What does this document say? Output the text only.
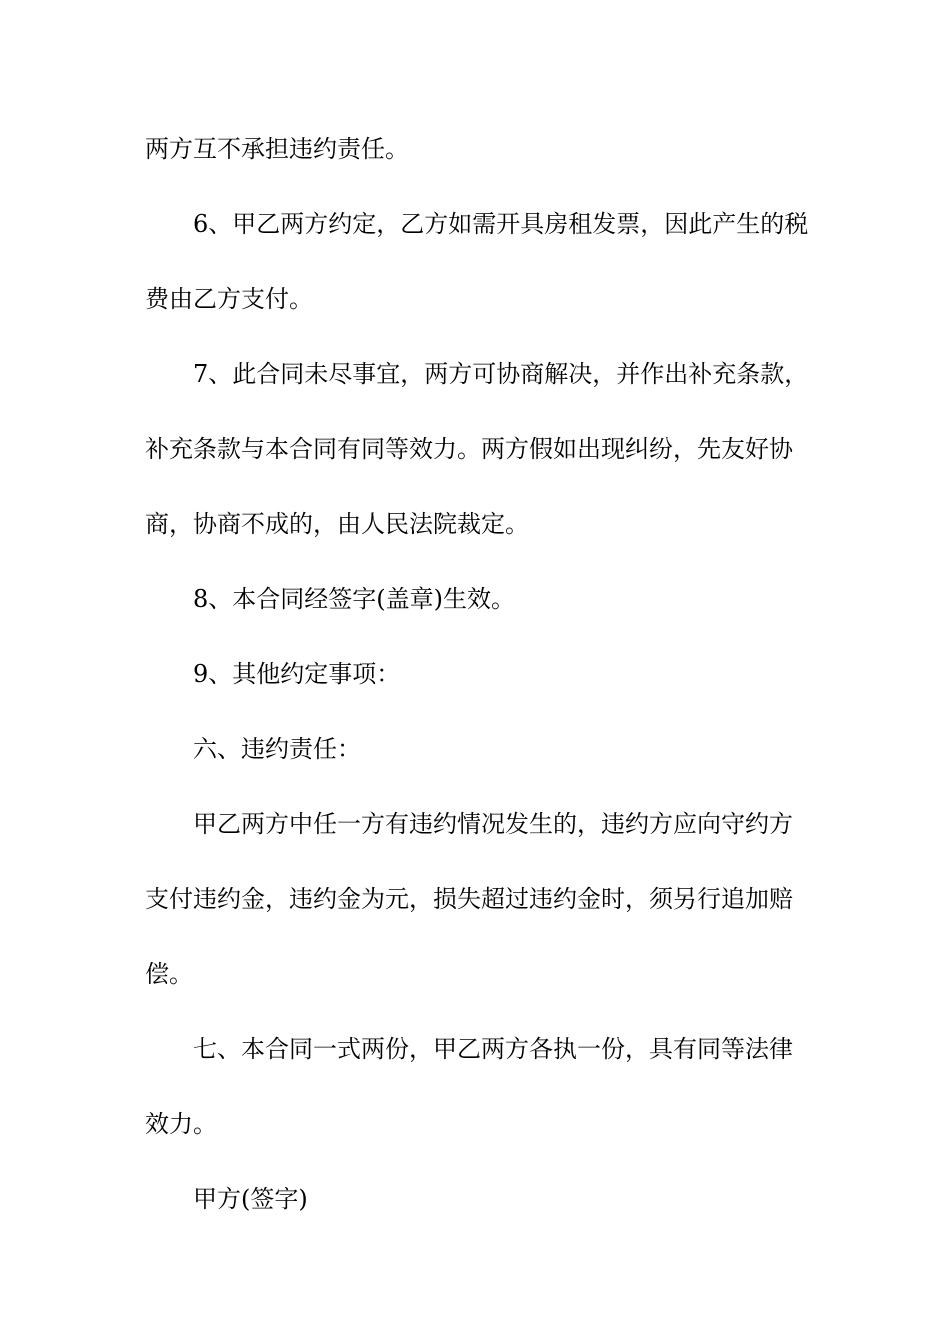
两方互不承担违约责任。
6、甲乙两方约定，乙方如需开具房租发票，因此产生的税
费由乙方支付。
7、此合同未尽事宜，两方可协商解决，并作出补充条款，
补充条款与本合同有同等效力。两方假如出现纠纷，先友好协
商，协商不成的，由人民法院裁定。
8、本合同经签字(盖章)生效。
9、其他约定事项：
六、违约责任：
甲乙两方中任一方有违约情况发生的，违约方应向守约方
支付违约金，违约金为元，损失超过违约金时，须另行追加赔
偿。
七、本合同一式两份，甲乙两方各执一份，具有同等法律
效力。
甲方(签字)
